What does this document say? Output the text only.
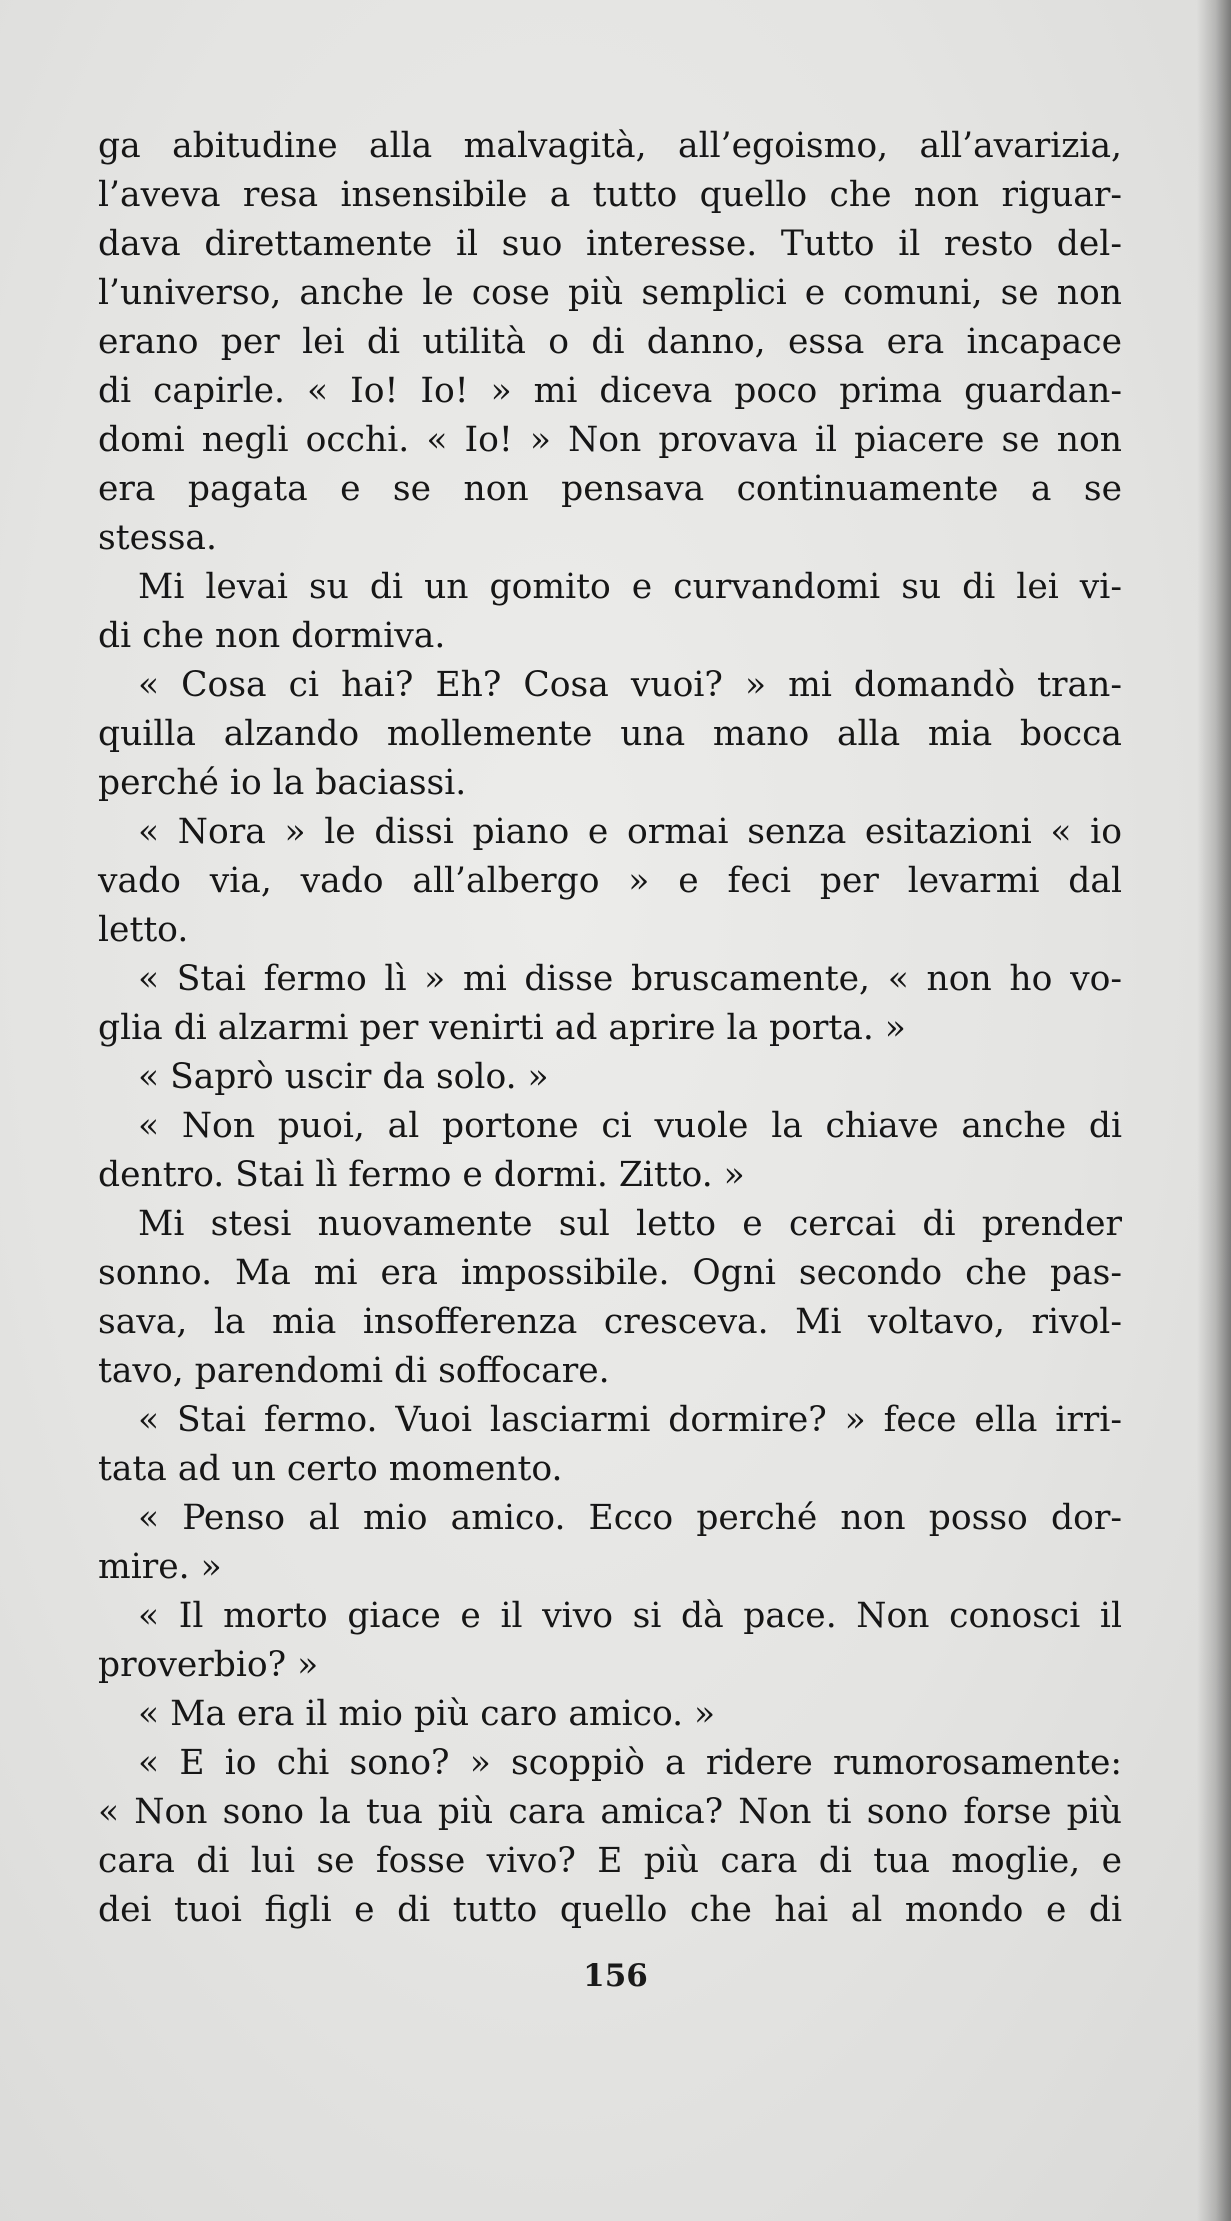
ga abitudine alla malvagità, all’egoismo, all’avarizia,
l’aveva resa insensibile a tutto quello che non riguar-
dava direttamente il suo interesse. Tutto il resto del-
l’universo, anche le cose più semplici e comuni, se non
erano per lei di utilità o di danno, essa era incapace
di capirle. « Io! Io! » mi diceva poco prima guardan-
domi negli occhi. « Io! » Non provava il piacere se non
era pagata e se non pensava continuamente a se
stessa.
Mi levai su di un gomito e curvandomi su di lei vi-
di che non dormiva.
« Cosa ci hai? Eh? Cosa vuoi? » mi domandò tran-
quilla alzando mollemente una mano alla mia bocca
perché io la baciassi.
« Nora » le dissi piano e ormai senza esitazioni « io
vado via, vado all’albergo » e feci per levarmi dal
letto.
« Stai fermo lì » mi disse bruscamente, « non ho vo-
glia di alzarmi per venirti ad aprire la porta. »
« Saprò uscir da solo. »
« Non puoi, al portone ci vuole la chiave anche di
dentro. Stai lì fermo e dormi. Zitto. »
Mi stesi nuovamente sul letto e cercai di prender
sonno. Ma mi era impossibile. Ogni secondo che pas-
sava, la mia insofferenza cresceva. Mi voltavo, rivol-
tavo, parendomi di soffocare.
« Stai fermo. Vuoi lasciarmi dormire? » fece ella irri-
tata ad un certo momento.
« Penso al mio amico. Ecco perché non posso dor-
mire. »
« Il morto giace e il vivo si dà pace. Non conosci il
proverbio? »
« Ma era il mio più caro amico. »
« E io chi sono? » scoppiò a ridere rumorosamente:
« Non sono la tua più cara amica? Non ti sono forse più
cara di lui se fosse vivo? E più cara di tua moglie, e
dei tuoi figli e di tutto quello che hai al mondo e di
156
